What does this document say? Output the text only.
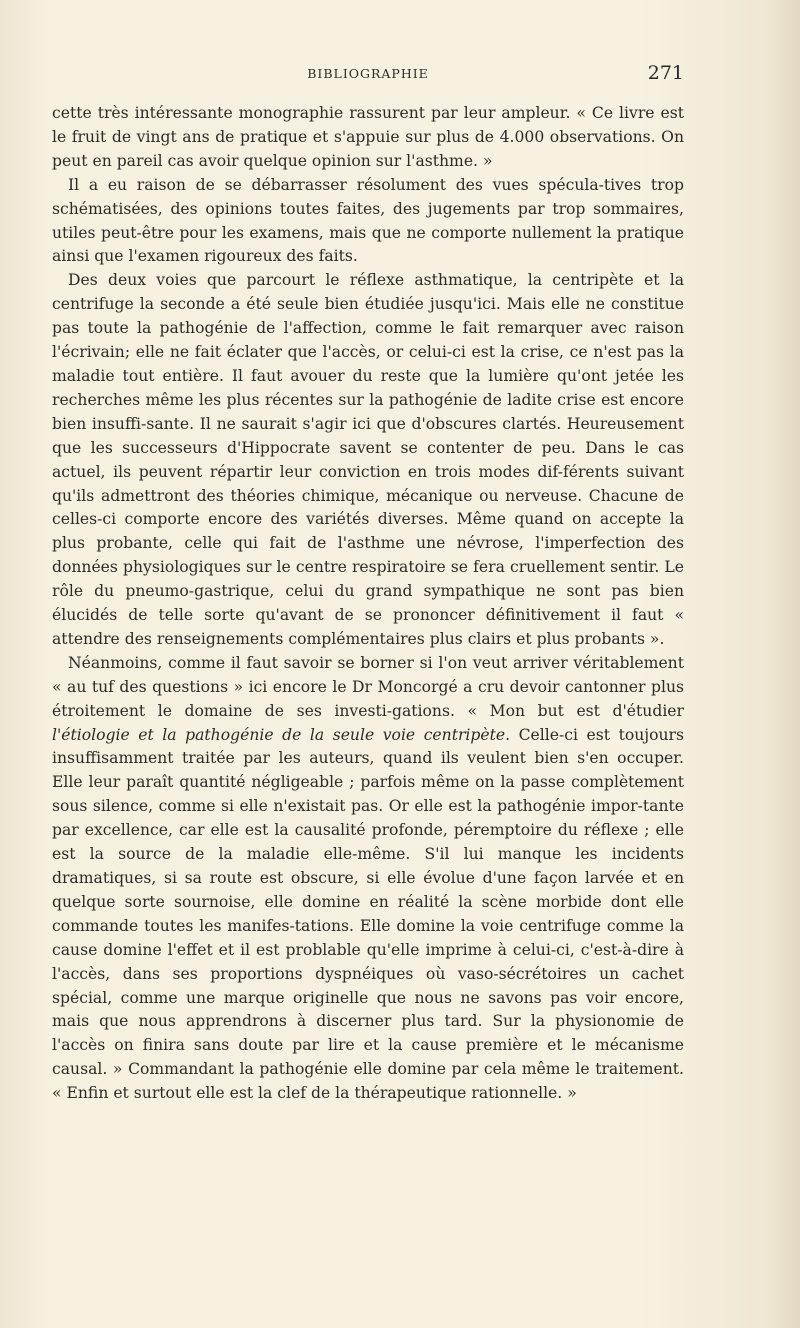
BIBLIOGRAPHIE	271

cette très intéressante monographie rassurent par leur ampleur. « Ce livre est le fruit de vingt ans de pratique et s'appuie sur plus de 4.000 observations. On peut en pareil cas avoir quelque opinion sur l'asthme. »

Il a eu raison de se débarrasser résolument des vues spécula-tives trop schématisées, des opinions toutes faites, des jugements par trop sommaires, utiles peut-être pour les examens, mais que ne comporte nullement la pratique ainsi que l'examen rigoureux des faits.

Des deux voies que parcourt le réflexe asthmatique, la centripète et la centrifuge la seconde a été seule bien étudiée jusqu'ici. Mais elle ne constitue pas toute la pathogénie de l'affection, comme le fait remarquer avec raison l'écrivain; elle ne fait éclater que l'accès, or celui-ci est la crise, ce n'est pas la maladie tout entière. Il faut avouer du reste que la lumière qu'ont jetée les recherches même les plus récentes sur la pathogénie de ladite crise est encore bien insuffi-sante. Il ne saurait s'agir ici que d'obscures clartés. Heureusement que les successeurs d'Hippocrate savent se contenter de peu. Dans le cas actuel, ils peuvent répartir leur conviction en trois modes dif-férents suivant qu'ils admettront des théories chimique, mécanique ou nerveuse. Chacune de celles-ci comporte encore des variétés diverses. Même quand on accepte la plus probante, celle qui fait de l'asthme une névrose, l'imperfection des données physiologiques sur le centre respiratoire se fera cruellement sentir. Le rôle du pneumo-gastrique, celui du grand sympathique ne sont pas bien élucidés de telle sorte qu'avant de se prononcer définitivement il faut « attendre des renseignements complémentaires plus clairs et plus probants ».

Néanmoins, comme il faut savoir se borner si l'on veut arriver véritablement « au tuf des questions » ici encore le Dr Moncorgé a cru devoir cantonner plus étroitement le domaine de ses investi-gations. « Mon but est d'étudier l'étiologie et la pathogénie de la seule voie centripète. Celle-ci est toujours insuffisamment traitée par les auteurs, quand ils veulent bien s'en occuper. Elle leur paraît quantité négligeable ; parfois même on la passe complètement sous silence, comme si elle n'existait pas. Or elle est la pathogénie impor-tante par excellence, car elle est la causalité profonde, péremptoire du réflexe ; elle est la source de la maladie elle-même. S'il lui manque les incidents dramatiques, si sa route est obscure, si elle évolue d'une façon larvée et en quelque sorte sournoise, elle domine en réalité la scène morbide dont elle commande toutes les manifes-tations. Elle domine la voie centrifuge comme la cause domine l'effet et il est problable qu'elle imprime à celui-ci, c'est-à-dire à l'accès, dans ses proportions dyspnéiques où vaso-sécrétoires un cachet spécial, comme une marque originelle que nous ne savons pas voir encore, mais que nous apprendrons à discerner plus tard. Sur la physionomie de l'accès on finira sans doute par lire et la cause première et le mécanisme causal. » Commandant la pathogénie elle domine par cela même le traitement. « Enfin et surtout elle est la clef de la thérapeutique rationnelle. »
